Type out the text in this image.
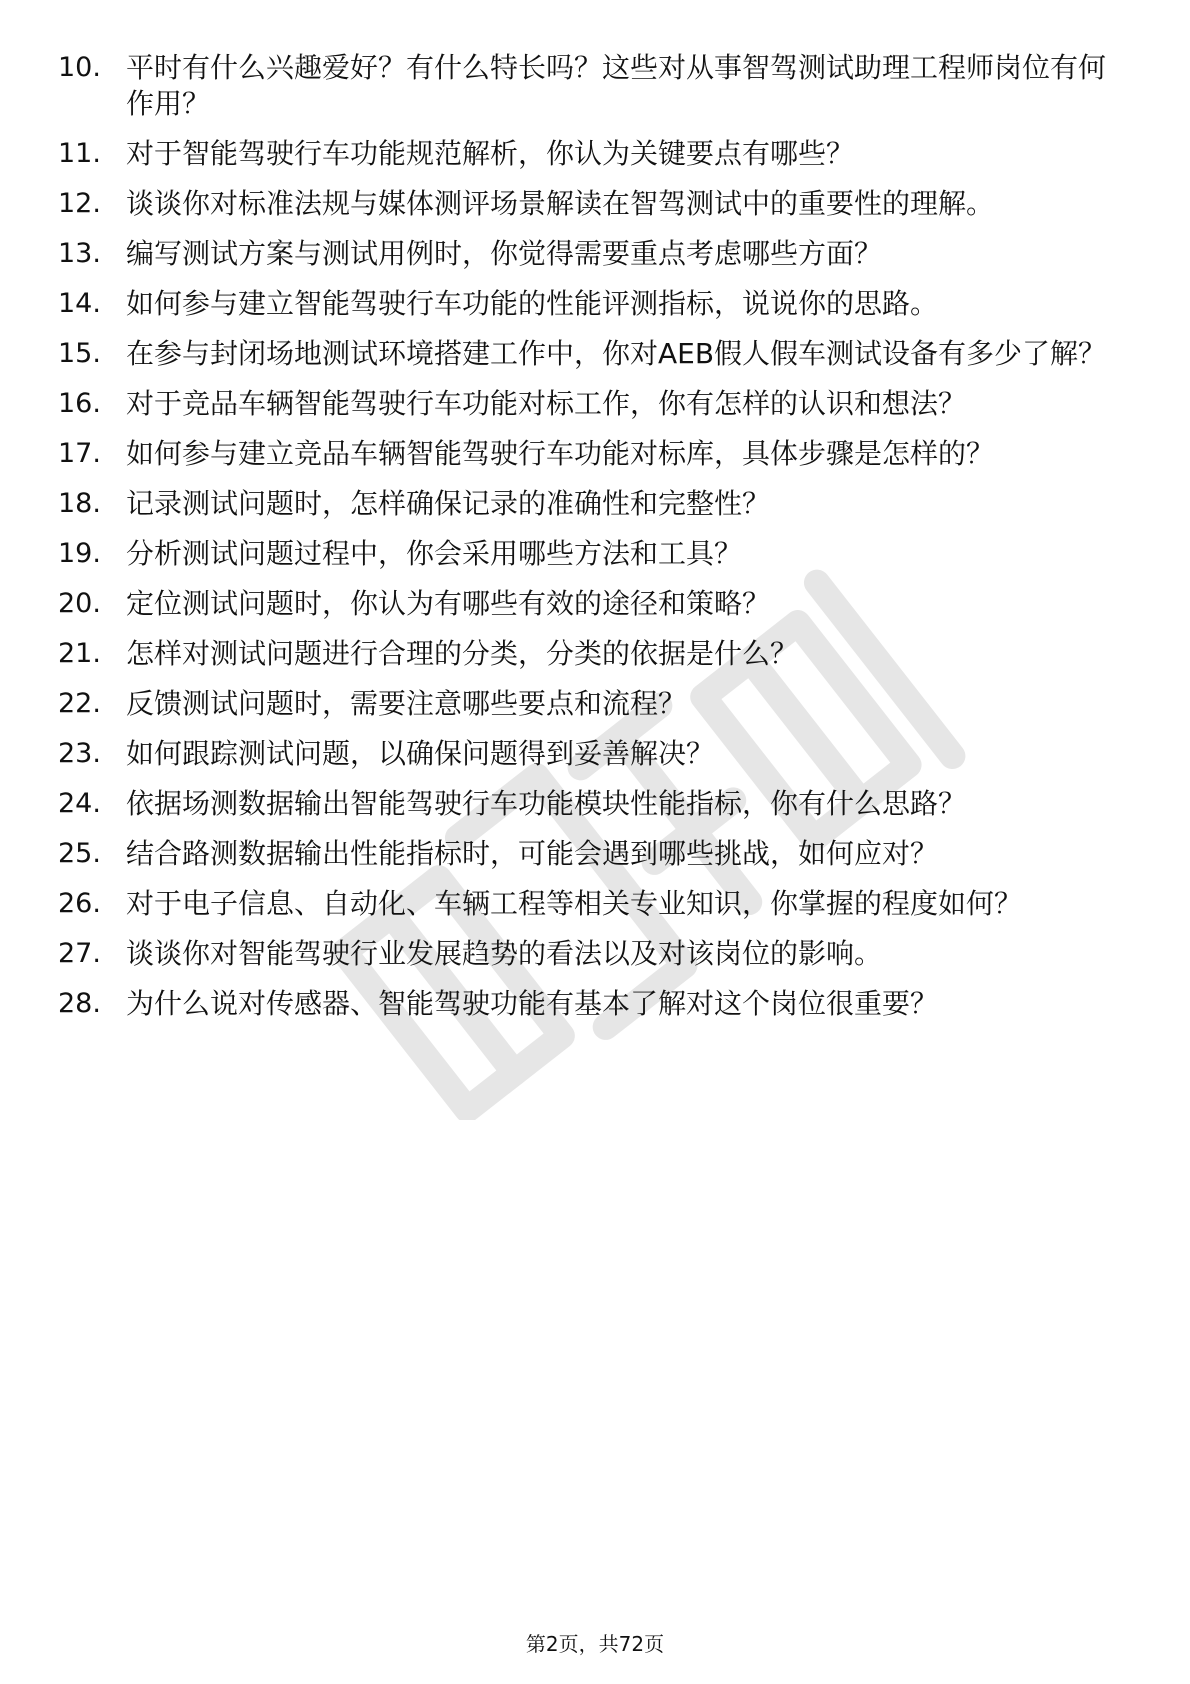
10. 平时有什么兴趣爱好？有什么特长吗？这些对从事智驾测试助理工程师岗位有何作用？
11. 对于智能驾驶行车功能规范解析，你认为关键要点有哪些？
12. 谈谈你对标准法规与媒体测评场景解读在智驾测试中的重要性的理解。
13. 编写测试方案与测试用例时，你觉得需要重点考虑哪些方面？
14. 如何参与建立智能驾驶行车功能的性能评测指标，说说你的思路。
15. 在参与封闭场地测试环境搭建工作中，你对AEB假人假车测试设备有多少了解？
16. 对于竞品车辆智能驾驶行车功能对标工作，你有怎样的认识和想法？
17. 如何参与建立竞品车辆智能驾驶行车功能对标库，具体步骤是怎样的？
18. 记录测试问题时，怎样确保记录的准确性和完整性？
19. 分析测试问题过程中，你会采用哪些方法和工具？
20. 定位测试问题时，你认为有哪些有效的途径和策略？
21. 怎样对测试问题进行合理的分类，分类的依据是什么？
22. 反馈测试问题时，需要注意哪些要点和流程？
23. 如何跟踪测试问题，以确保问题得到妥善解决？
24. 依据场测数据输出智能驾驶行车功能模块性能指标，你有什么思路？
25. 结合路测数据输出性能指标时，可能会遇到哪些挑战，如何应对？
26. 对于电子信息、自动化、车辆工程等相关专业知识，你掌握的程度如何？
27. 谈谈你对智能驾驶行业发展趋势的看法以及对该岗位的影响。
28. 为什么说对传感器、智能驾驶功能有基本了解对这个岗位很重要？
第2页，共72页
